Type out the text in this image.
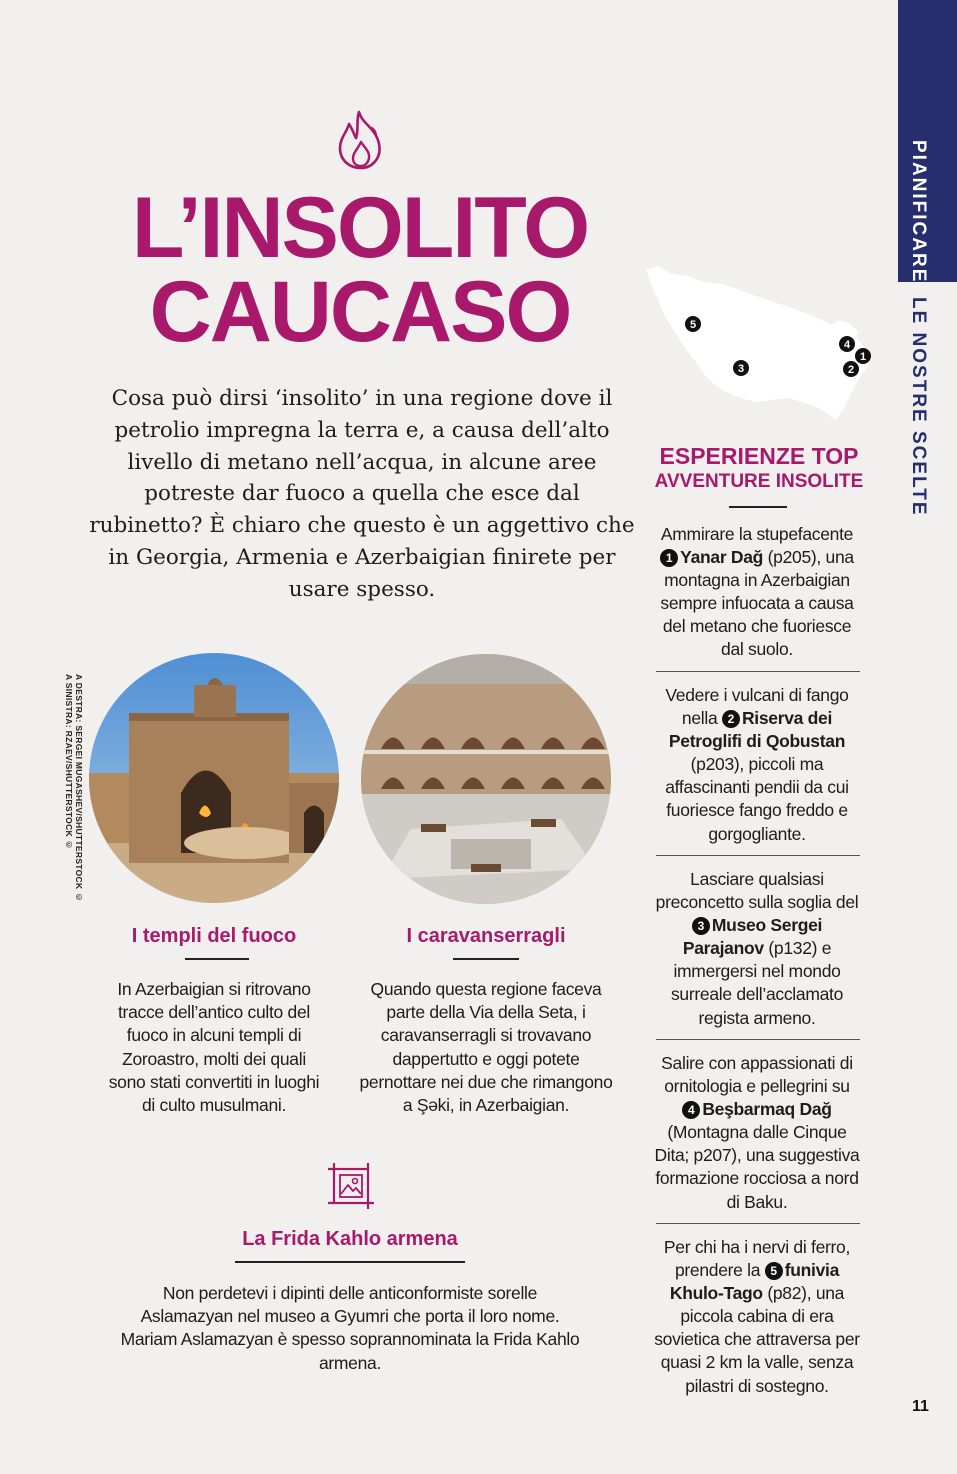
PIANIFICARE
LE NOSTRE SCELTE
L’INSOLITO
CAUCASO

Cosa può dirsi ‘insolito’ in una regione dove il petrolio impregna la terra e, a causa dell’alto livello di metano nell’acqua, in alcune aree potreste dar fuoco a quella che esce dal rubinetto? È chiaro che questo è un aggettivo che in Georgia, Armenia e Azerbaigian finirete per usare spesso.

A DESTRA: SERGEI MUGASHEV/SHUTTERSTOCK ©
A SINISTRA: RZAEV/SHUTTERSTOCK ©
I templi del fuoco

In Azerbaigian si ritrovano tracce dell’antico culto del fuoco in alcuni templi di Zoroastro, molti dei quali sono stati convertiti in luoghi di culto musulmani.

I caravanserragli

Quando questa regione faceva parte della Via della Seta, i caravanserragli si trovavano dappertutto e oggi potete pernottare nei due che rimangono a Şəki, in Azerbaigian.

La Frida Kahlo armena

Non perdetevi i dipinti delle anticonformiste sorelle Aslamazyan nel museo a Gyumri che porta il loro nome. Mariam Aslamazyan è spesso soprannominata la Frida Kahlo armena.

5
3
4
1
2
ESPERIENZE TOP
AVVENTURE INSOLITE

Ammirare la stupefacente 1 Yanar Dağ (p205), una montagna in Azerbaigian sempre infuocata a causa del metano che fuoriesce dal suolo.

Vedere i vulcani di fango nella 2 Riserva dei Petroglifi di Qobustan (p203), piccoli ma affascinanti pendii da cui fuoriesce fango freddo e gorgogliante.

Lasciare qualsiasi preconcetto sulla soglia del 3 Museo Sergei Parajanov (p132) e immergersi nel mondo surreale dell’acclamato regista armeno.

Salire con appassionati di ornitologia e pellegrini su 4 Beşbarmaq Dağ (Montagna dalle Cinque Dita; p207), una suggestiva formazione rocciosa a nord di Baku.

Per chi ha i nervi di ferro, prendere la 5 funivia Khulo-Tago (p82), una piccola cabina di era sovietica che attraversa per quasi 2 km la valle, senza pilastri di sostegno.

11
